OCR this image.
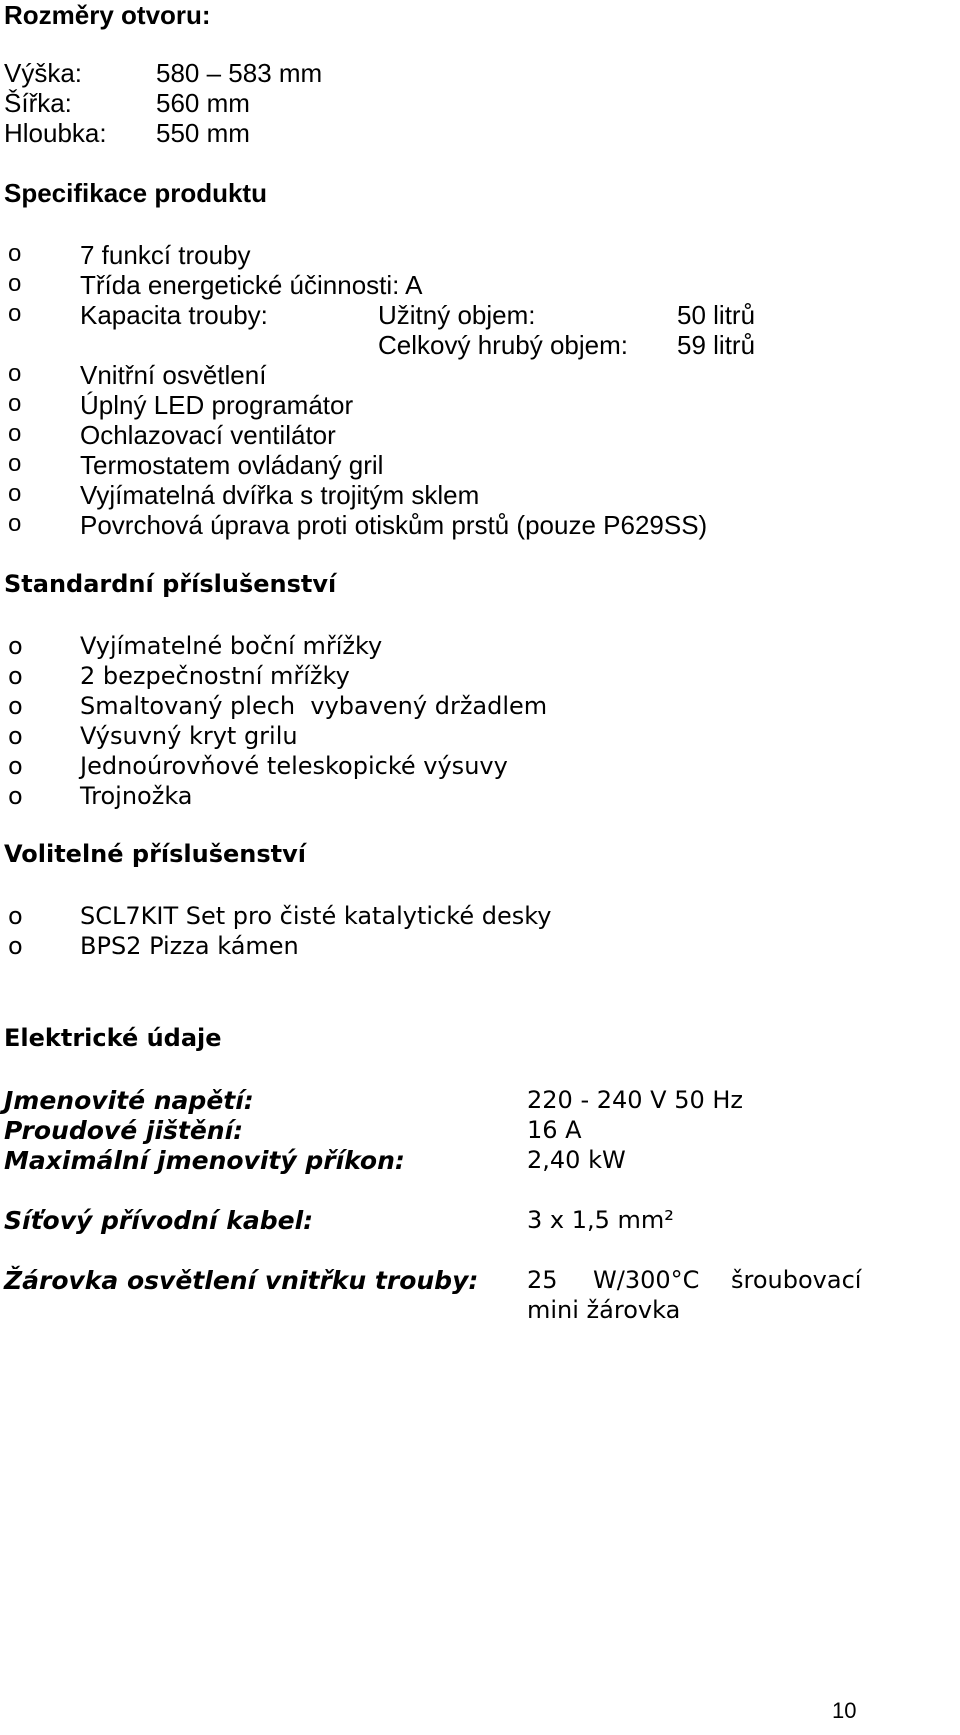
Rozměry otvoru:
Výška:	580 – 583 mm
Šířka:	560 mm
Hloubka: 550 mm
Specifikace produktu
o 7 funkcí trouby
o Třída energetické účinnosti: A
o Kapacita trouby:	Užitný objem:	50 litrů
Celkový hrubý objem: 59 litrů
o Vnitřní osvětlení
o Úplný LED programátor
o Ochlazovací ventilátor
o Termostatem ovládaný gril
o Vyjímatelná dvířka s trojitým sklem
o Povrchová úprava proti otiskům prstů (pouze P629SS)
Standardní příslušenství
o Vyjímatelné boční mřížky
o 2 bezpečnostní mřížky
o Smaltovaný plech  vybavený držadlem
o Výsuvný kryt grilu
o Jednoúrovňové teleskopické výsuvy
o Trojnožka
Volitelné příslušenství
o SCL7KIT Set pro čisté katalytické desky
o BPS2 Pizza kámen
Elektrické údaje
Jmenovité napětí:	220 - 240 V 50 Hz
Proudové jištění:	16 A
Maximální jmenovitý příkon:	2,40 kW
Síťový přívodní kabel:	3 x 1,5 mm²
Žárovka osvětlení vnitřku trouby: 25 W/300°C šroubovací
mini žárovka
10
